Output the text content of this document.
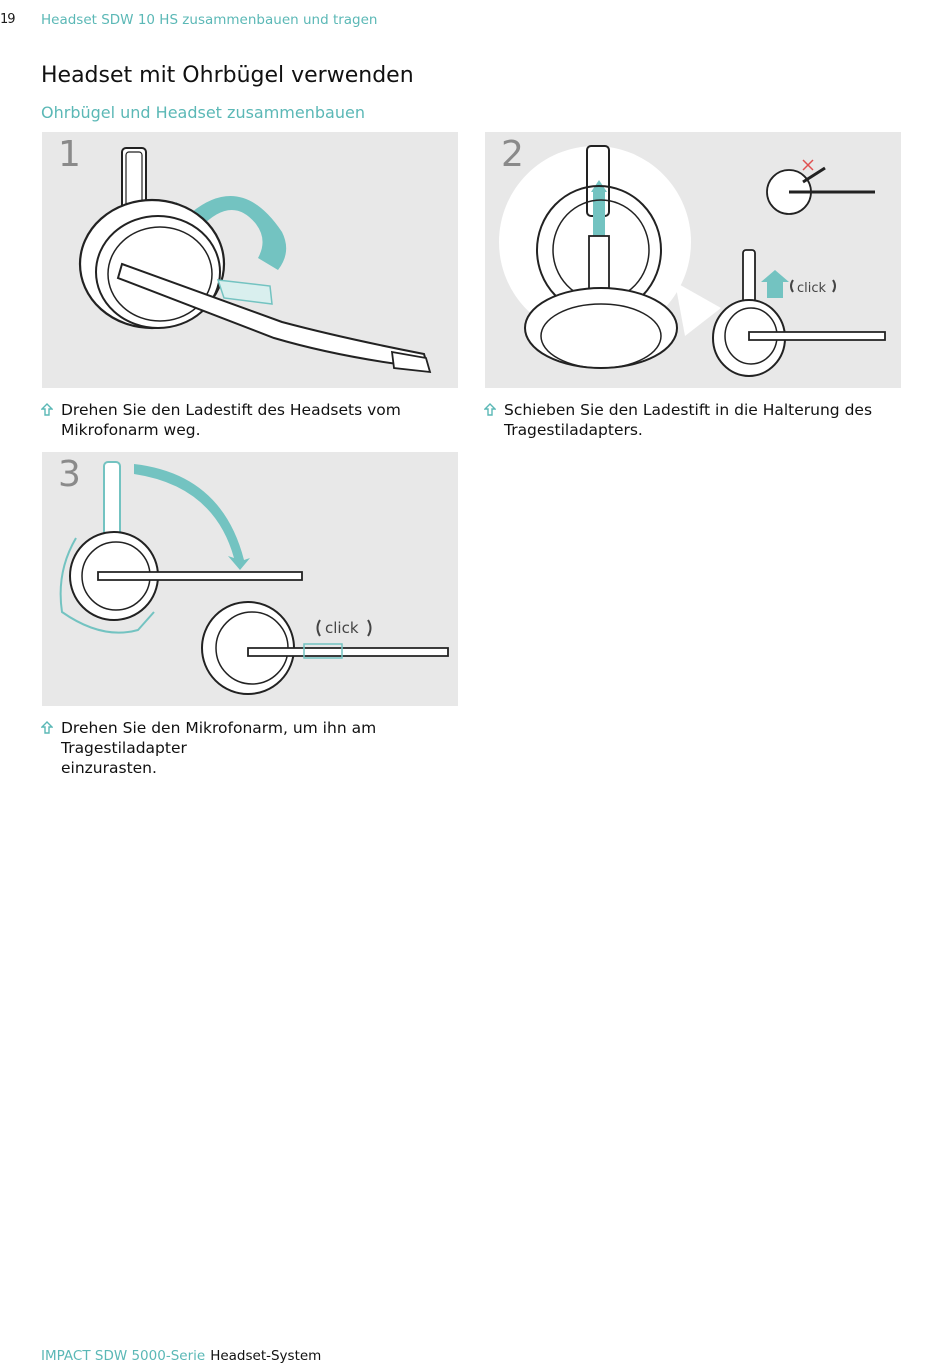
19 Headset SDW 10 HS zusammenbauen und tragen
Headset mit Ohrbügel verwenden
Ohrbügel und Headset zusammenbauen
1	2
click
3
click

Drehen Sie den Ladestift des Headsets vom
Mikrofonarm weg.

Schieben Sie den Ladestift in die Halterung des
Tragestiladapters.

Drehen Sie den Mikrofonarm, um ihn am Tragestiladapter
einzurasten.

IMPACT SDW 5000-Serie Headset-System
